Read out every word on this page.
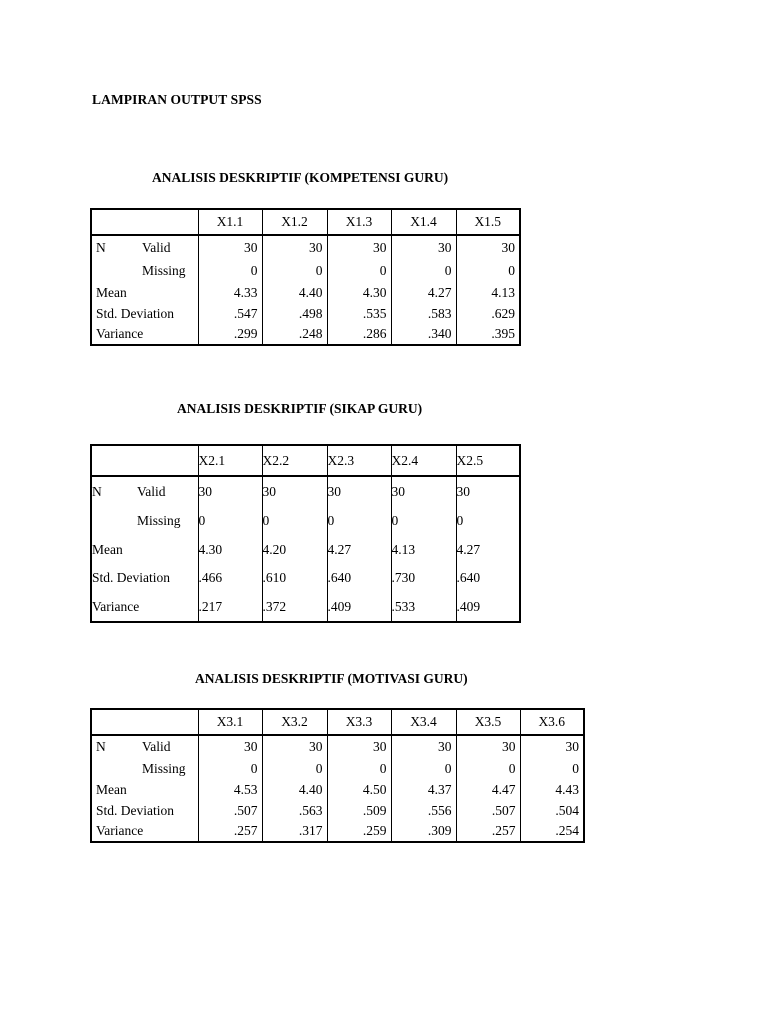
LAMPIRAN OUTPUT SPSS
ANALISIS DESKRIPTIF (KOMPETENSI GURU)
		X1.1	X1.2	X1.3	X1.4	X1.5
N	Valid	30	30	30	30	30
	Missing	0	0	0	0	0
Mean		4.33	4.40	4.30	4.27	4.13
Std. Deviation		.547	.498	.535	.583	.629
Variance		.299	.248	.286	.340	.395
ANALISIS DESKRIPTIF (SIKAP GURU)
		X2.1	X2.2	X2.3	X2.4	X2.5
N	Valid	30	30	30	30	30
	Missing	0	0	0	0	0
Mean		4.30	4.20	4.27	4.13	4.27
Std. Deviation		.466	.610	.640	.730	.640
Variance		.217	.372	.409	.533	.409
ANALISIS DESKRIPTIF (MOTIVASI GURU)
		X3.1	X3.2	X3.3	X3.4	X3.5	X3.6
N	Valid	30	30	30	30	30	30
	Missing	0	0	0	0	0	0
Mean		4.53	4.40	4.50	4.37	4.47	4.43
Std. Deviation		.507	.563	.509	.556	.507	.504
Variance		.257	.317	.259	.309	.257	.254
